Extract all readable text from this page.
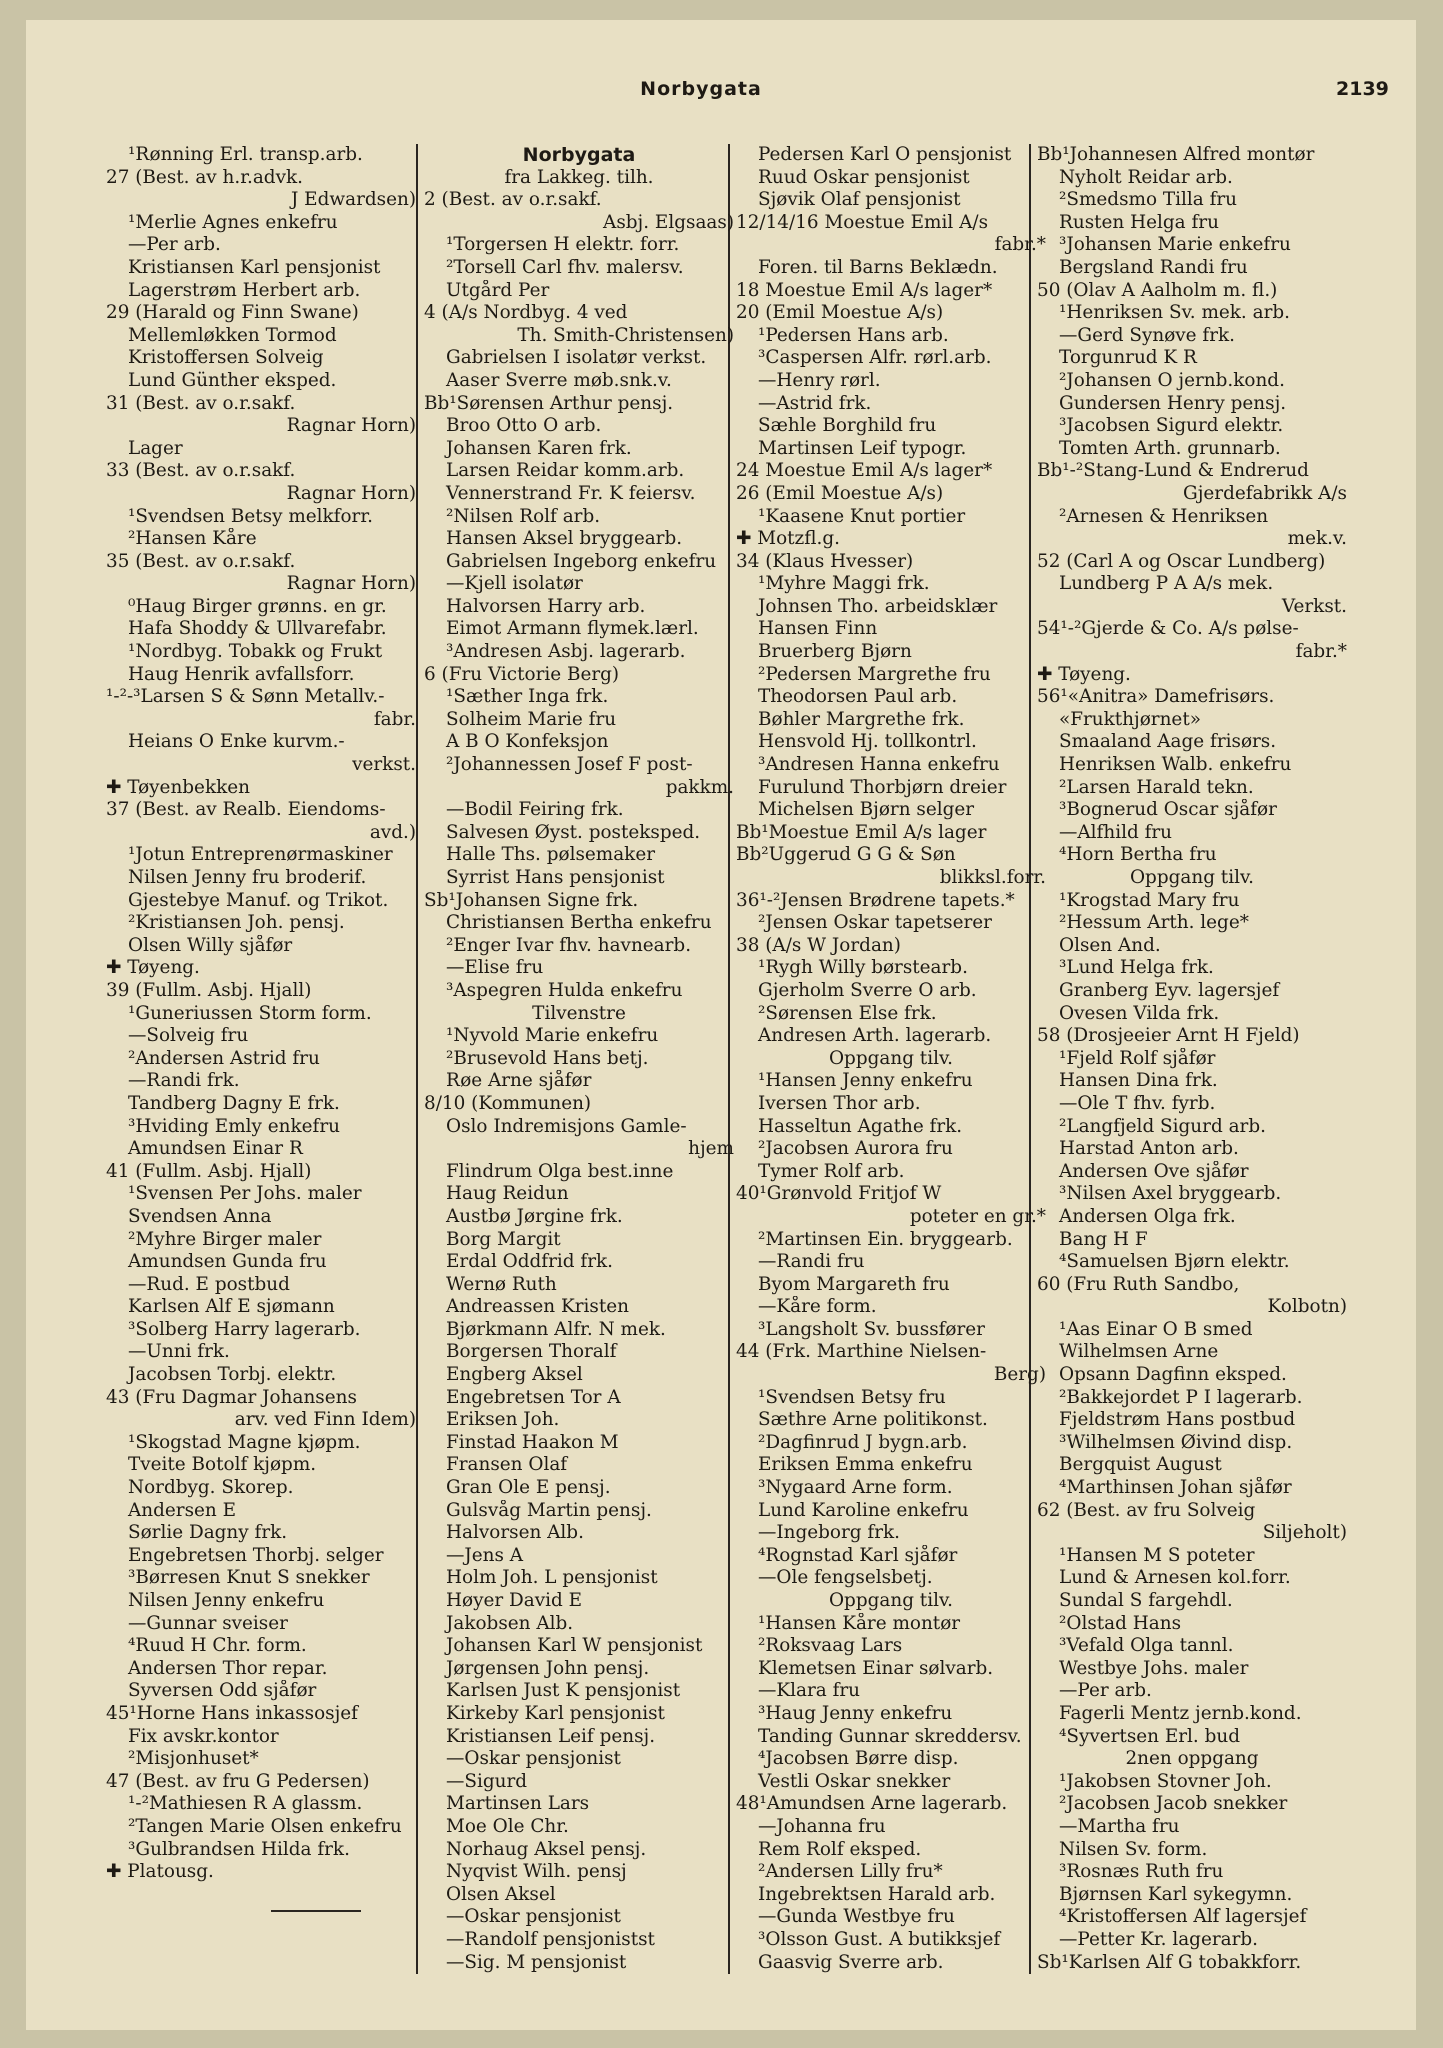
Norbygata	2139
¹Rønning Erl. transp.arb.
27 (Best. av h.r.advk.
J Edwardsen)
¹Merlie Agnes enkefru
—Per arb.
Kristiansen Karl pensjonist
Lagerstrøm Herbert arb.
29 (Harald og Finn Swane)
Mellemløkken Tormod
Kristoffersen Solveig
Lund Günther eksped.
31 (Best. av o.r.sakf.
Ragnar Horn)
Lager
33 (Best. av o.r.sakf.
Ragnar Horn)
¹Svendsen Betsy melkforr.
²Hansen Kåre
35 (Best. av o.r.sakf.
Ragnar Horn)
⁰Haug Birger grønns. en gr.
Hafa Shoddy & Ullvarefabr.
¹Nordbyg. Tobakk og Frukt
Haug Henrik avfallsforr.
¹-²-³Larsen S & Sønn Metallv.-
fabr.
Heians O Enke kurvm.-
verkst.
✚ Tøyenbekken
37 (Best. av Realb. Eiendoms-
avd.)
¹Jotun Entreprenørmaskiner
Nilsen Jenny fru broderif.
Gjestebye Manuf. og Trikot.
²Kristiansen Joh. pensj.
Olsen Willy sjåfør
✚ Tøyeng.
39 (Fullm. Asbj. Hjall)
¹Guneriussen Storm form.
—Solveig fru
²Andersen Astrid fru
—Randi frk.
Tandberg Dagny E frk.
³Hviding Emly enkefru
Amundsen Einar R
41 (Fullm. Asbj. Hjall)
¹Svensen Per Johs. maler
Svendsen Anna
²Myhre Birger maler
Amundsen Gunda fru
—Rud. E postbud
Karlsen Alf E sjømann
³Solberg Harry lagerarb.
—Unni frk.
Jacobsen Torbj. elektr.
43 (Fru Dagmar Johansens
arv. ved Finn Idem)
¹Skogstad Magne kjøpm.
Tveite Botolf kjøpm.
Nordbyg. Skorep.
Andersen E
Sørlie Dagny frk.
Engebretsen Thorbj. selger
³Børresen Knut S snekker
Nilsen Jenny enkefru
—Gunnar sveiser
⁴Ruud H Chr. form.
Andersen Thor repar.
Syversen Odd sjåfør
45¹Horne Hans inkassosjef
Fix avskr.kontor
²Misjonhuset*
47 (Best. av fru G Pedersen)
¹-²Mathiesen R A glassm.
²Tangen Marie Olsen enkefru
³Gulbrandsen Hilda frk.
✚ Platousg.
Norbygata
fra Lakkeg. tilh.
2 (Best. av o.r.sakf.
Asbj. Elgsaas)
¹Torgersen H elektr. forr.
²Torsell Carl fhv. malersv.
Utgård Per
4 (A/s Nordbyg. 4 ved
Th. Smith-Christensen)
Gabrielsen I isolatør verkst.
Aaser Sverre møb.snk.v.
Bb¹Sørensen Arthur pensj.
Broo Otto O arb.
Johansen Karen frk.
Larsen Reidar komm.arb.
Vennerstrand Fr. K feiersv.
²Nilsen Rolf arb.
Hansen Aksel bryggearb.
Gabrielsen Ingeborg enkefru
—Kjell isolatør
Halvorsen Harry arb.
Eimot Armann flymek.lærl.
³Andresen Asbj. lagerarb.
6 (Fru Victorie Berg)
¹Sæther Inga frk.
Solheim Marie fru
A B O Konfeksjon
²Johannessen Josef F post-
pakkm.
—Bodil Feiring frk.
Salvesen Øyst. posteksped.
Halle Ths. pølsemaker
Syrrist Hans pensjonist
Sb¹Johansen Signe frk.
Christiansen Bertha enkefru
²Enger Ivar fhv. havnearb.
—Elise fru
³Aspegren Hulda enkefru
Tilvenstre
¹Nyvold Marie enkefru
²Brusevold Hans betj.
Røe Arne sjåfør
8/10 (Kommunen)
Oslo Indremisjons Gamle-
hjem
Flindrum Olga best.inne
Haug Reidun
Austbø Jørgine frk.
Borg Margit
Erdal Oddfrid frk.
Wernø Ruth
Andreassen Kristen
Bjørkmann Alfr. N mek.
Borgersen Thoralf
Engberg Aksel
Engebretsen Tor A
Eriksen Joh.
Finstad Haakon M
Fransen Olaf
Gran Ole E pensj.
Gulsvåg Martin pensj.
Halvorsen Alb.
—Jens A
Holm Joh. L pensjonist
Høyer David E
Jakobsen Alb.
Johansen Karl W pensjonist
Jørgensen John pensj.
Karlsen Just K pensjonist
Kirkeby Karl pensjonist
Kristiansen Leif pensj.
—Oskar pensjonist
—Sigurd
Martinsen Lars
Moe Ole Chr.
Norhaug Aksel pensj.
Nyqvist Wilh. pensj
Olsen Aksel
—Oskar pensjonist
—Randolf pensjonistst
—Sig. M pensjonist
Pedersen Karl O pensjonist
Ruud Oskar pensjonist
Sjøvik Olaf pensjonist
12/14/16 Moestue Emil A/s
fabr.*
Foren. til Barns Beklædn.
18 Moestue Emil A/s lager*
20 (Emil Moestue A/s)
¹Pedersen Hans arb.
³Caspersen Alfr. rørl.arb.
—Henry rørl.
—Astrid frk.
Sæhle Borghild fru
Martinsen Leif typogr.
24 Moestue Emil A/s lager*
26 (Emil Moestue A/s)
¹Kaasene Knut portier
✚ Motzfl.g.
34 (Klaus Hvesser)
¹Myhre Maggi frk.
Johnsen Tho. arbeidsklær
Hansen Finn
Bruerberg Bjørn
²Pedersen Margrethe fru
Theodorsen Paul arb.
Bøhler Margrethe frk.
Hensvold Hj. tollkontrl.
³Andresen Hanna enkefru
Furulund Thorbjørn dreier
Michelsen Bjørn selger
Bb¹Moestue Emil A/s lager
Bb²Uggerud G G & Søn
blikksl.forr.
36¹-²Jensen Brødrene tapets.*
²Jensen Oskar tapetserer
38 (A/s W Jordan)
¹Rygh Willy børstearb.
Gjerholm Sverre O arb.
²Sørensen Else frk.
Andresen Arth. lagerarb.
Oppgang tilv.
¹Hansen Jenny enkefru
Iversen Thor arb.
Hasseltun Agathe frk.
²Jacobsen Aurora fru
Tymer Rolf arb.
40¹Grønvold Fritjof W
poteter en gr.*
²Martinsen Ein. bryggearb.
—Randi fru
Byom Margareth fru
—Kåre form.
³Langsholt Sv. bussfører
44 (Frk. Marthine Nielsen-
Berg)
¹Svendsen Betsy fru
Sæthre Arne politikonst.
²Dagfinrud J bygn.arb.
Eriksen Emma enkefru
³Nygaard Arne form.
Lund Karoline enkefru
—Ingeborg frk.
⁴Rognstad Karl sjåfør
—Ole fengselsbetj.
Oppgang tilv.
¹Hansen Kåre montør
²Roksvaag Lars
Klemetsen Einar sølvarb.
—Klara fru
³Haug Jenny enkefru
Tanding Gunnar skreddersv.
⁴Jacobsen Børre disp.
Vestli Oskar snekker
48¹Amundsen Arne lagerarb.
—Johanna fru
Rem Rolf eksped.
²Andersen Lilly fru*
Ingebrektsen Harald arb.
—Gunda Westbye fru
³Olsson Gust. A butikksjef
Gaasvig Sverre arb.
Bb¹Johannesen Alfred montør
Nyholt Reidar arb.
²Smedsmo Tilla fru
Rusten Helga fru
³Johansen Marie enkefru
Bergsland Randi fru
50 (Olav A Aalholm m. fl.)
¹Henriksen Sv. mek. arb.
—Gerd Synøve frk.
Torgunrud K R
²Johansen O jernb.kond.
Gundersen Henry pensj.
³Jacobsen Sigurd elektr.
Tomten Arth. grunnarb.
Bb¹-²Stang-Lund & Endrerud
Gjerdefabrikk A/s
²Arnesen & Henriksen
mek.v.
52 (Carl A og Oscar Lundberg)
Lundberg P A A/s mek.
Verkst.
54¹-²Gjerde & Co. A/s pølse-
fabr.*
✚ Tøyeng.
56¹«Anitra» Damefrisørs.
«Frukthjørnet»
Smaaland Aage frisørs.
Henriksen Walb. enkefru
²Larsen Harald tekn.
³Bognerud Oscar sjåfør
—Alfhild fru
⁴Horn Bertha fru
Oppgang tilv.
¹Krogstad Mary fru
²Hessum Arth. lege*
Olsen And.
³Lund Helga frk.
Granberg Eyv. lagersjef
Ovesen Vilda frk.
58 (Drosjeeier Arnt H Fjeld)
¹Fjeld Rolf sjåfør
Hansen Dina frk.
—Ole T fhv. fyrb.
²Langfjeld Sigurd arb.
Harstad Anton arb.
Andersen Ove sjåfør
³Nilsen Axel bryggearb.
Andersen Olga frk.
Bang H F
⁴Samuelsen Bjørn elektr.
60 (Fru Ruth Sandbo,
Kolbotn)
¹Aas Einar O B smed
Wilhelmsen Arne
Opsann Dagfinn eksped.
²Bakkejordet P I lagerarb.
Fjeldstrøm Hans postbud
³Wilhelmsen Øivind disp.
Bergquist August
⁴Marthinsen Johan sjåfør
62 (Best. av fru Solveig
Siljeholt)
¹Hansen M S poteter
Lund & Arnesen kol.forr.
Sundal S fargehdl.
²Olstad Hans
³Vefald Olga tannl.
Westbye Johs. maler
—Per arb.
Fagerli Mentz jernb.kond.
⁴Syvertsen Erl. bud
2nen oppgang
¹Jakobsen Stovner Joh.
²Jacobsen Jacob snekker
—Martha fru
Nilsen Sv. form.
³Rosnæs Ruth fru
Bjørnsen Karl sykegymn.
⁴Kristoffersen Alf lagersjef
—Petter Kr. lagerarb.
Sb¹Karlsen Alf G tobakkforr.
